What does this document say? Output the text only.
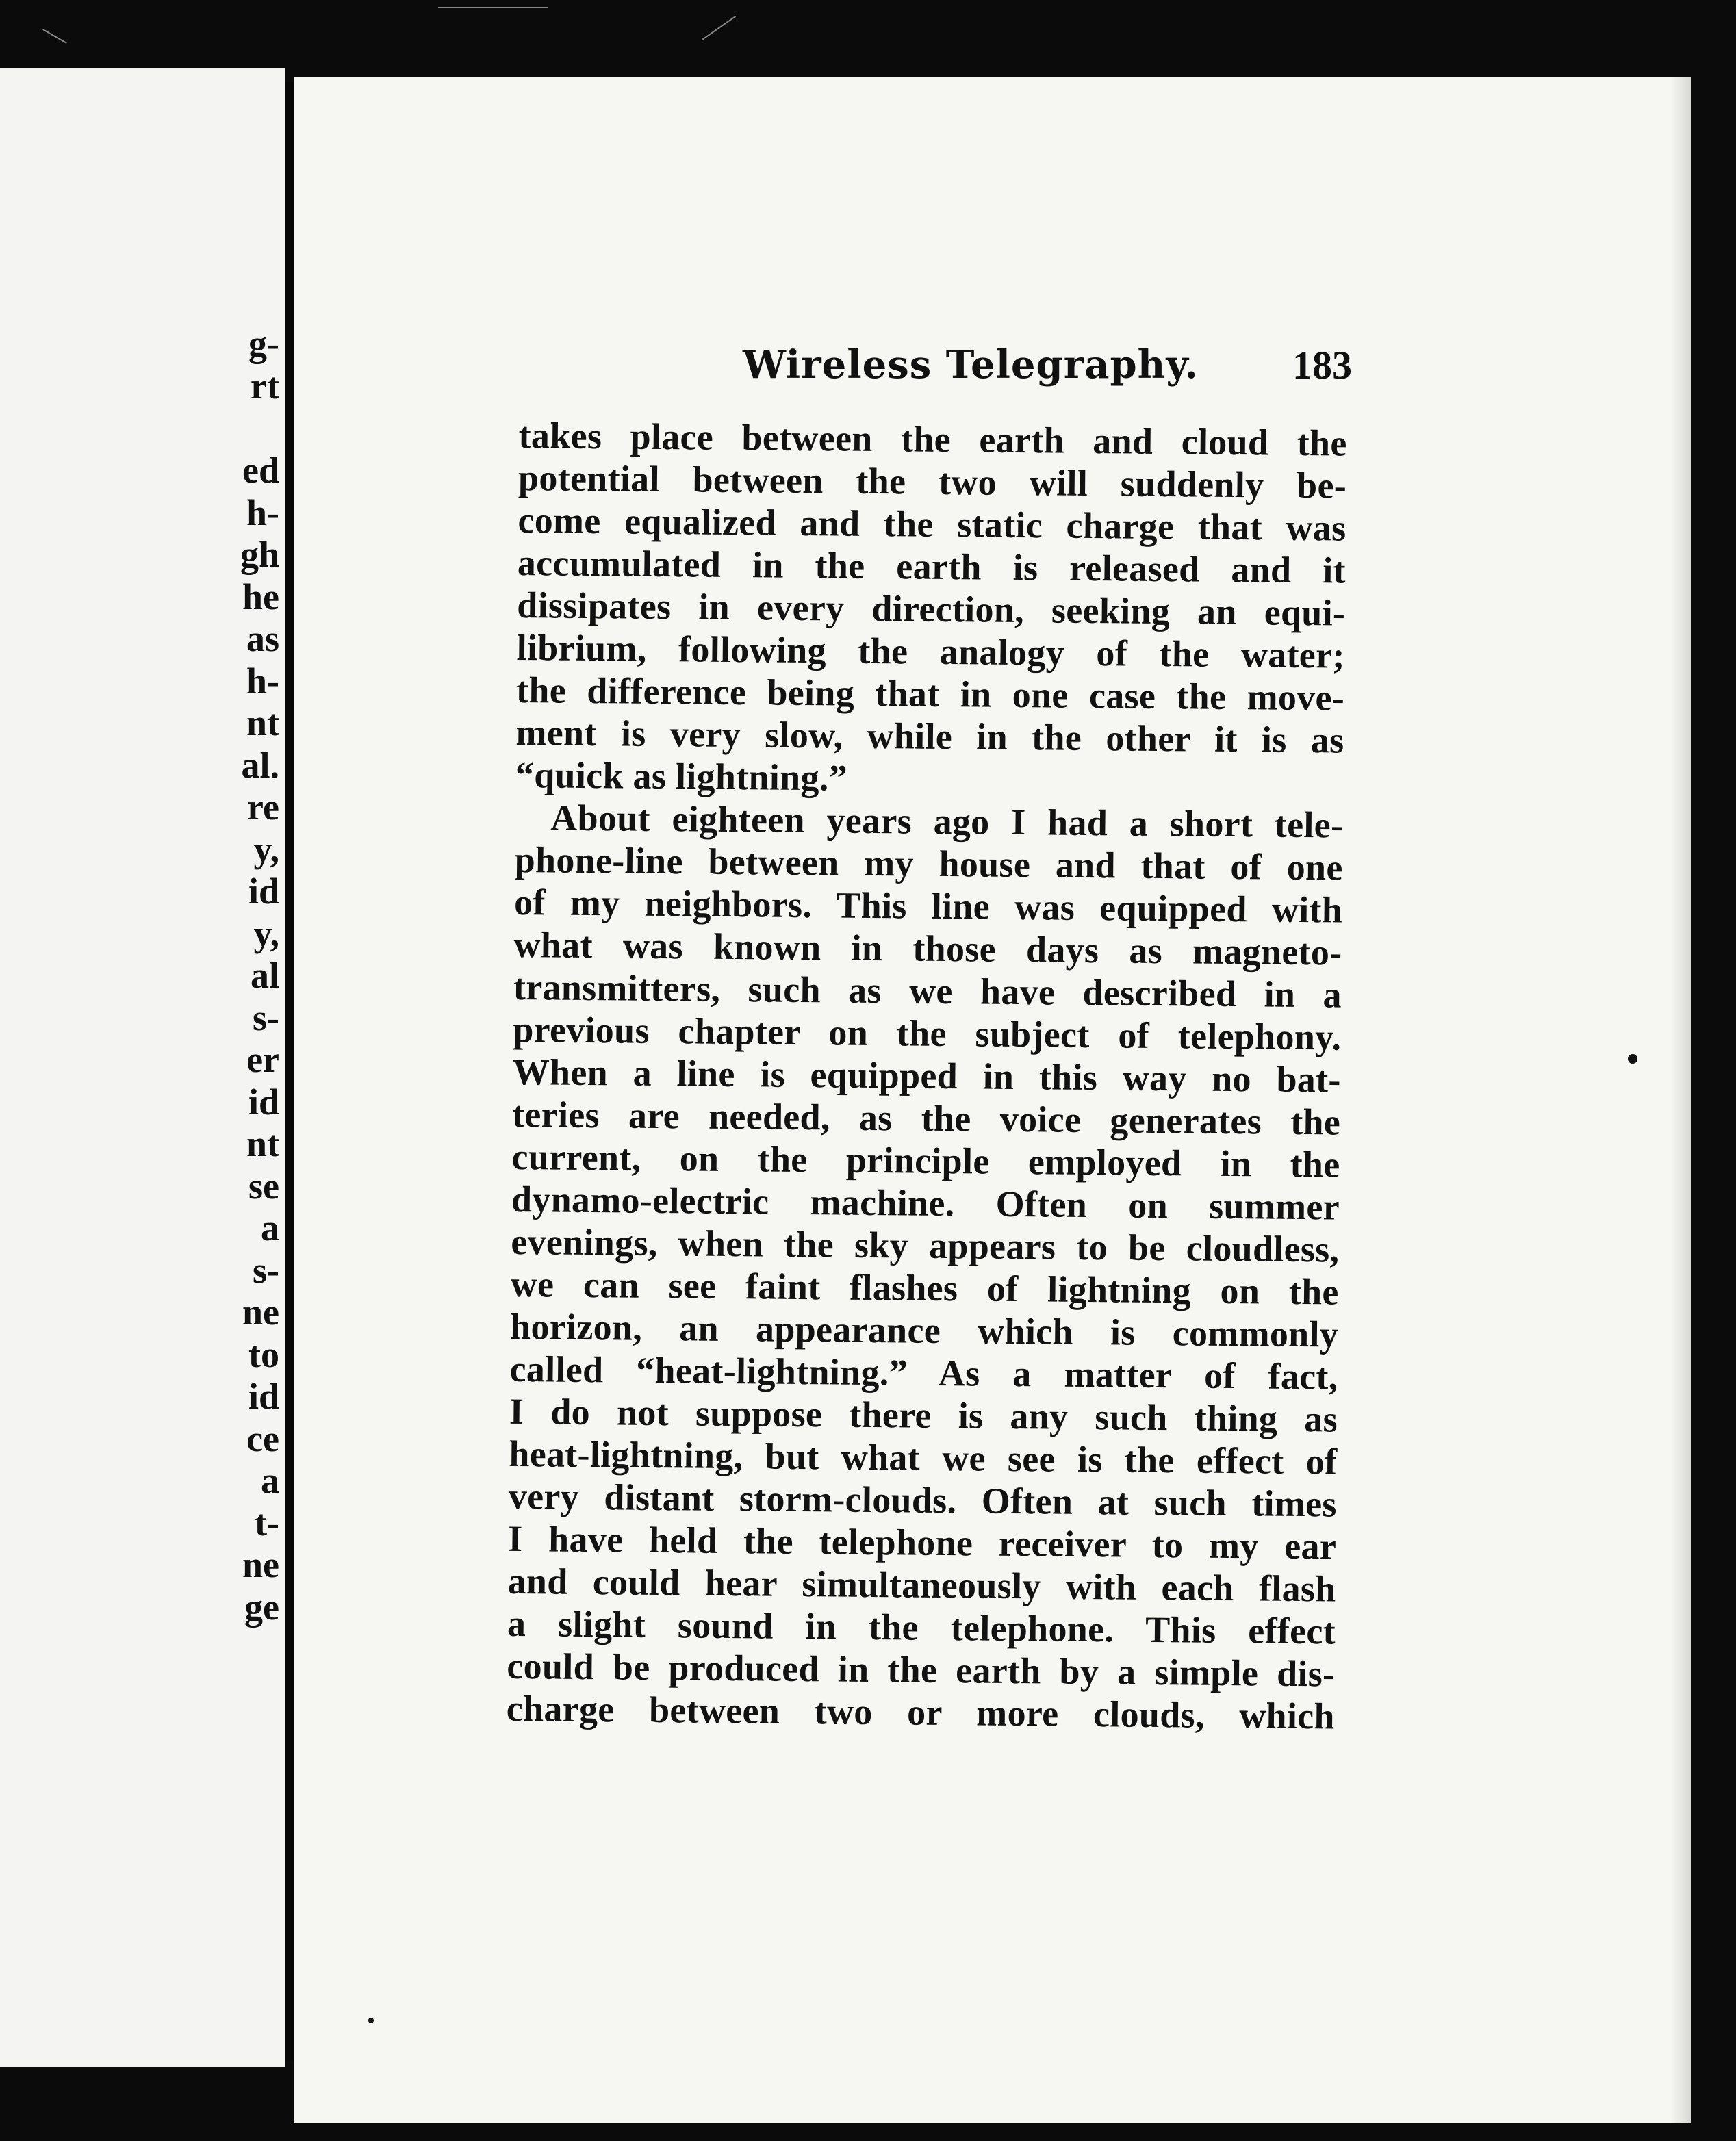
g-
rt
ed
h-
gh
he
as
h-
nt
al.
re
y,
id
y,
al
s-
er
id
nt
se
a
s-
ne
to
id
ce
a
t-
ne
ge
Wireless Telegraphy. 183
takes place between the earth and cloud the
potential between the two will suddenly be-
come equalized and the static charge that was
accumulated in the earth is released and it
dissipates in every direction, seeking an equi-
librium, following the analogy of the water;
the difference being that in one case the move-
ment is very slow, while in the other it is as
“quick as lightning.”
About eighteen years ago I had a short tele-
phone-line between my house and that of one
of my neighbors. This line was equipped with
what was known in those days as magneto-
transmitters, such as we have described in a
previous chapter on the subject of telephony.
When a line is equipped in this way no bat-
teries are needed, as the voice generates the
current, on the principle employed in the
dynamo-electric machine. Often on summer
evenings, when the sky appears to be cloudless,
we can see faint flashes of lightning on the
horizon, an appearance which is commonly
called “heat-lightning.” As a matter of fact,
I do not suppose there is any such thing as
heat-lightning, but what we see is the effect of
very distant storm-clouds. Often at such times
I have held the telephone receiver to my ear
and could hear simultaneously with each flash
a slight sound in the telephone. This effect
could be produced in the earth by a simple dis-
charge between two or more clouds, which
